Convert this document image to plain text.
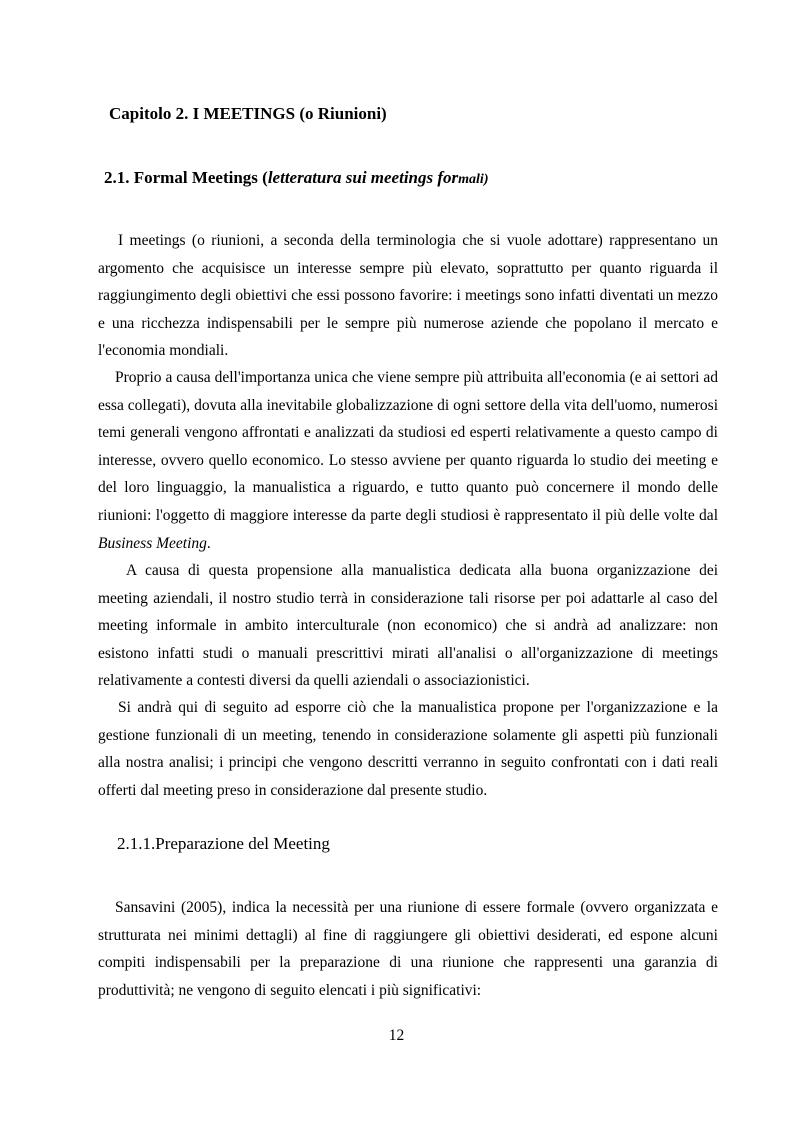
Capitolo 2. I MEETINGS (o Riunioni)
2.1. Formal Meetings (letteratura sui meetings formali)

I meetings (o riunioni, a seconda della terminologia che si vuole adottare) rappresentano un argomento che acquisisce un interesse sempre più elevato, soprattutto per quanto riguarda il raggiungimento degli obiettivi che essi possono favorire: i meetings sono infatti diventati un mezzo e una ricchezza indispensabili per le sempre più numerose aziende che popolano il mercato e l'economia mondiali.

Proprio a causa dell'importanza unica che viene sempre più attribuita all'economia (e ai settori ad essa collegati), dovuta alla inevitabile globalizzazione di ogni settore della vita dell'uomo, numerosi temi generali vengono affrontati e analizzati da studiosi ed esperti relativamente a questo campo di interesse, ovvero quello economico. Lo stesso avviene per quanto riguarda lo studio dei meeting e del loro linguaggio, la manualistica a riguardo, e tutto quanto può concernere il mondo delle riunioni: l'oggetto di maggiore interesse da parte degli studiosi è rappresentato il più delle volte dal Business Meeting.

A causa di questa propensione alla manualistica dedicata alla buona organizzazione dei meeting aziendali, il nostro studio terrà in considerazione tali risorse per poi adattarle al caso del meeting informale in ambito interculturale (non economico) che si andrà ad analizzare: non esistono infatti studi o manuali prescrittivi mirati all'analisi o all'organizzazione di meetings relativamente a contesti diversi da quelli aziendali o associazionistici.

Si andrà qui di seguito ad esporre ciò che la manualistica propone per l'organizzazione e la gestione funzionali di un meeting, tenendo in considerazione solamente gli aspetti più funzionali alla nostra analisi; i principi che vengono descritti verranno in seguito confrontati con i dati reali offerti dal meeting preso in considerazione dal presente studio.

2.1.1.Preparazione del Meeting

Sansavini (2005), indica la necessità per una riunione di essere formale (ovvero organizzata e strutturata nei minimi dettagli) al fine di raggiungere gli obiettivi desiderati, ed espone alcuni compiti indispensabili per la preparazione di una riunione che rappresenti una garanzia di produttività; ne vengono di seguito elencati i più significativi:

12
